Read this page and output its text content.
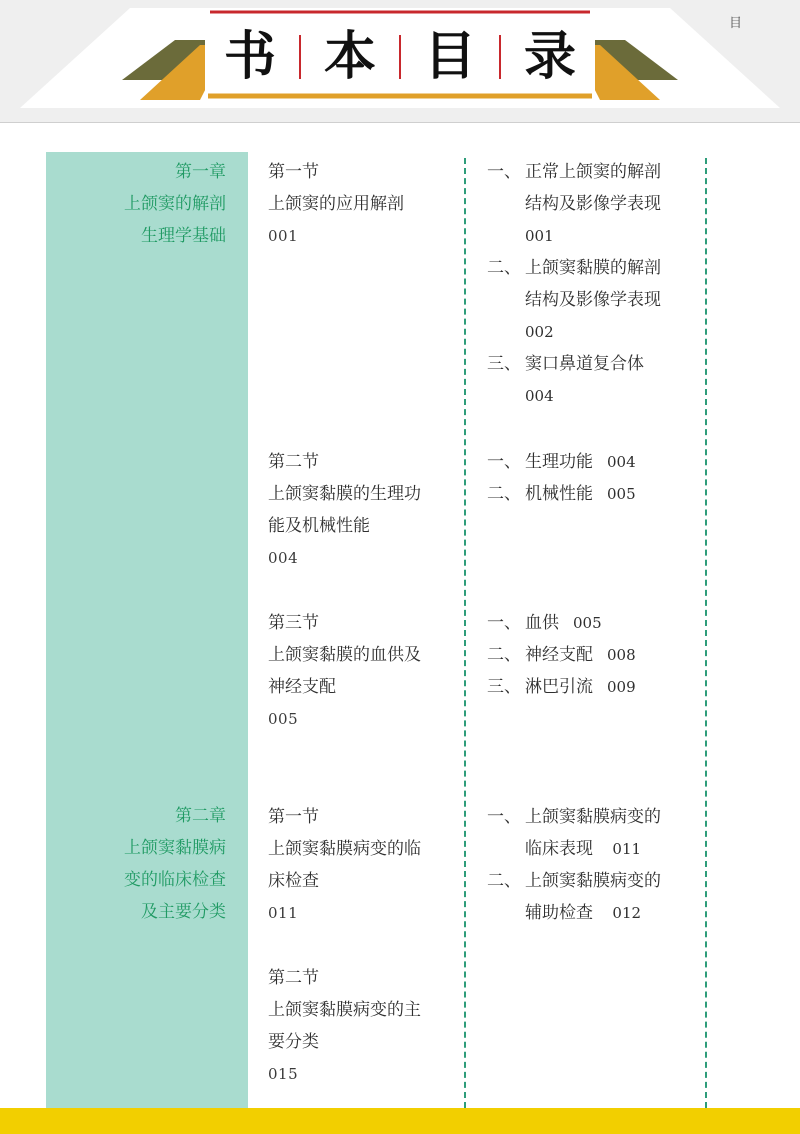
书 本 目 录
目
第一章
上颌窦的解剖
生理学基础
第二章
上颌窦黏膜病
变的临床检查
及主要分类
第一节
上颌窦的应用解剖
001
一、 正常上颌窦的解剖
结构及影像学表现
001
二、 上颌窦黏膜的解剖
结构及影像学表现
002
三、 窦口鼻道复合体
004
第二节
上颌窦黏膜的生理功
能及机械性能
004
一、 生理功能 004
二、 机械性能 005
第三节
上颌窦黏膜的血供及
神经支配
005
一、 血供 005
二、 神经支配 008
三、 淋巴引流 009
第一节
上颌窦黏膜病变的临
床检查
011
一、 上颌窦黏膜病变的
临床表现 011
二、 上颌窦黏膜病变的
辅助检查 012
第二节
上颌窦黏膜病变的主
要分类
015
